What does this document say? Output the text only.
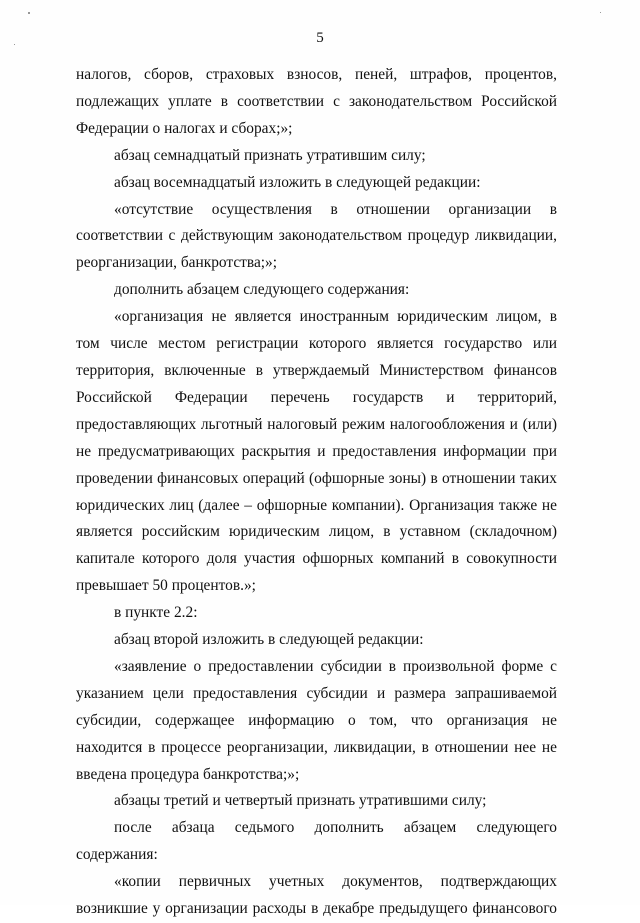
5

налогов, сборов, страховых взносов, пеней, штрафов, процентов, подлежащих уплате в соответствии с законодательством Российской Федерации о налогах и сборах;»;

абзац семнадцатый признать утратившим силу;

абзац восемнадцатый изложить в следующей редакции:

«отсутствие осуществления в отношении организации в соответствии с действующим законодательством процедур ликвидации, реорганизации, банкротства;»;

дополнить абзацем следующего содержания:

«организация не является иностранным юридическим лицом, в том числе местом регистрации которого является государство или территория, включенные в утверждаемый Министерством финансов Российской Федерации перечень государств и территорий, предоставляющих льготный налоговый режим налогообложения и (или) не предусматривающих раскрытия и предоставления информации при проведении финансовых операций (офшорные зоны) в отношении таких юридических лиц (далее – офшорные компании). Организация также не является российским юридическим лицом, в уставном (складочном) капитале которого доля участия офшорных компаний в совокупности превышает 50 процентов.»;

в пункте 2.2:

абзац второй изложить в следующей редакции:

«заявление о предоставлении субсидии в произвольной форме с указанием цели предоставления субсидии и размера запрашиваемой субсидии, содержащее информацию о том, что организация не находится в процессе реорганизации, ликвидации, в отношении нее не введена процедура банкротства;»;

абзацы третий и четвертый признать утратившими силу;

после абзаца седьмого дополнить абзацем следующего содержания:

«копии первичных учетных документов, подтверждающих возникшие у организации расходы в декабре предыдущего финансового
